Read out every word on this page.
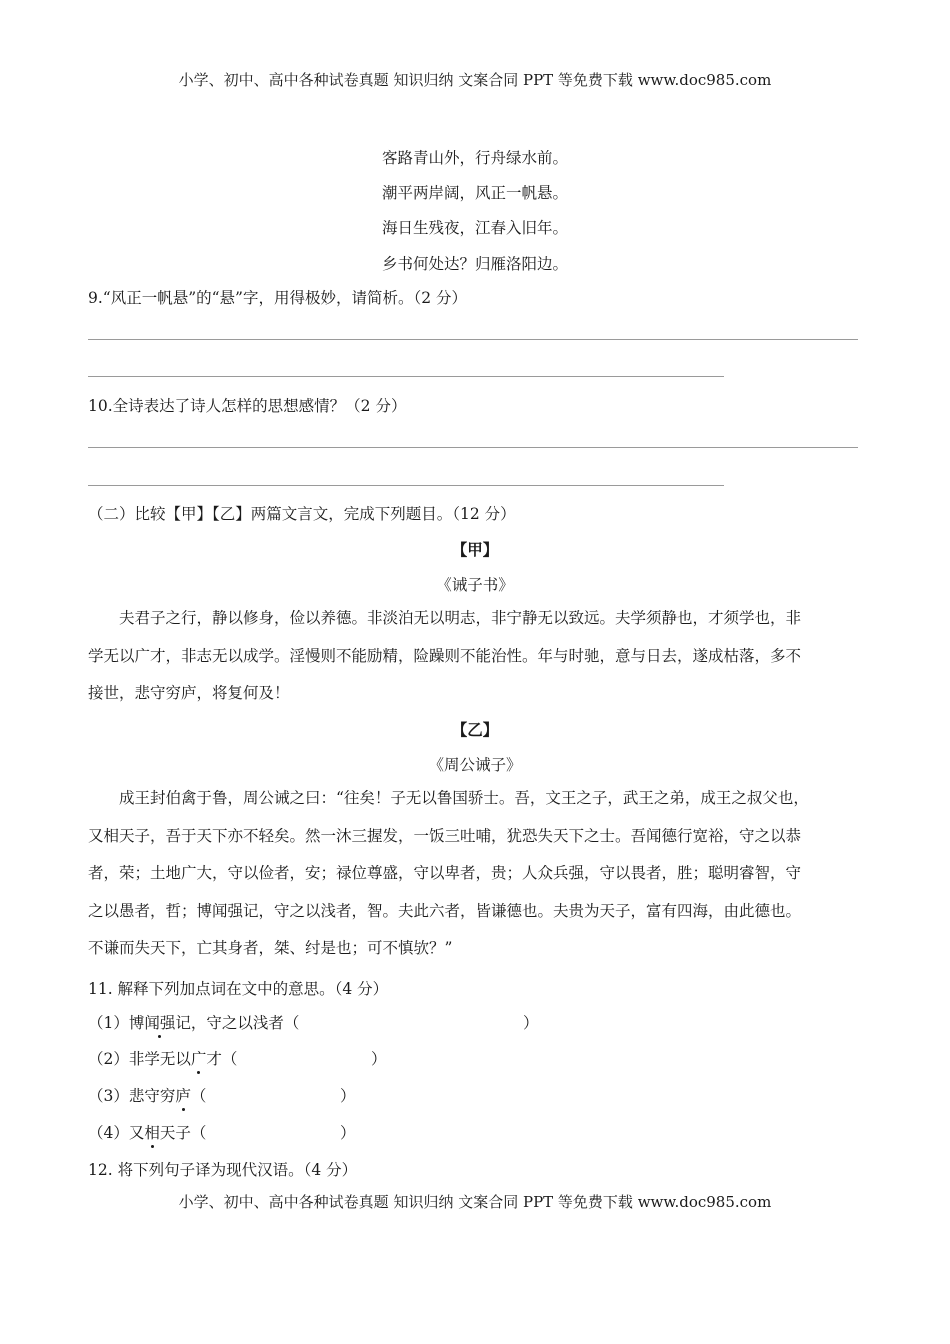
小学、初中、高中各种试卷真题 知识归纳 文案合同 PPT 等免费下载 www.doc985.com
客路青山外，行舟绿水前。
潮平两岸阔，风正一帆悬。
海日生残夜，江春入旧年。
乡书何处达？归雁洛阳边。
9.“风正一帆悬”的“悬”字，用得极妙，请简析。（2 分）
10.全诗表达了诗人怎样的思想感情？（2 分）
（二）比较【甲】【乙】两篇文言文，完成下列题目。（12 分）
【甲】
《诫子书》
夫君子之行，静以修身，俭以养德。非淡泊无以明志，非宁静无以致远。夫学须静也，才须学也，非
学无以广才，非志无以成学。淫慢则不能励精，险躁则不能治性。年与时驰，意与日去，遂成枯落，多不
接世，悲守穷庐，将复何及！
【乙】
《周公诫子》
成王封伯禽于鲁，周公诫之曰：“往矣！子无以鲁国骄士。吾，文王之子，武王之弟，成王之叔父也，
又相天子，吾于天下亦不轻矣。然一沐三握发，一饭三吐哺，犹恐失天下之士。吾闻德行宽裕，守之以恭
者，荣；土地广大，守以俭者，安；禄位尊盛，守以卑者，贵；人众兵强，守以畏者，胜；聪明睿智，守
之以愚者，哲；博闻强记，守之以浅者，智。夫此六者，皆谦德也。夫贵为天子，富有四海，由此德也。
不谦而失天下，亡其身者，桀、纣是也；可不慎欤？”
11. 解释下列加点词在文中的意思。（4 分）
（1）博闻强记，守之以浅者（	）
（2）非学无以广才（	）
（3）悲守穷庐（	）
（4）又相天子（	）
12. 将下列句子译为现代汉语。（4 分）
小学、初中、高中各种试卷真题 知识归纳 文案合同 PPT 等免费下载 www.doc985.com
